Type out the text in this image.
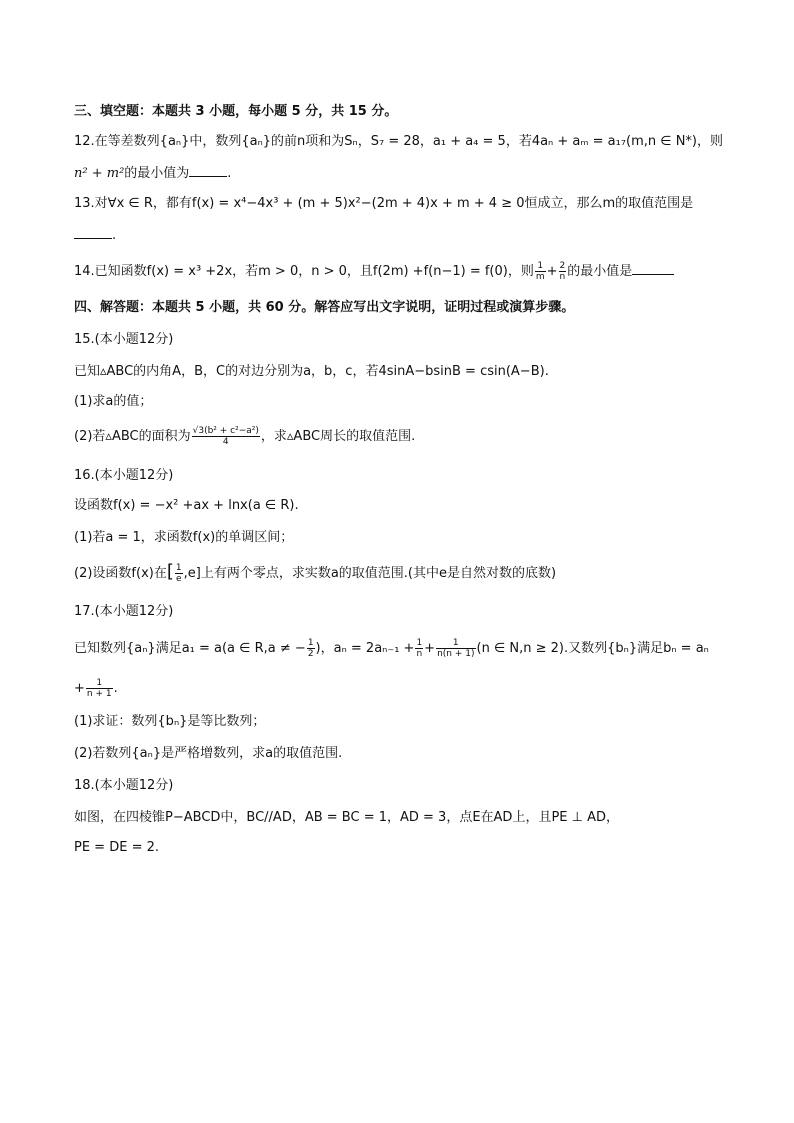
三、填空题：本题共 3 小题，每小题 5 分，共 15 分。
12.在等差数列{aₙ}中，数列{aₙ}的前n项和为Sₙ，S₇ = 28，a₁ + a₄ = 5，若4aₙ + aₘ = a₁₇(m,n ∈ N*)，则
n² + m²的最小值为	.
13.对∀x ∈ R，都有f(x) = x⁴−4x³ + (m + 5)x²−(2m + 4)x + m + 4 ≥ 0恒成立，那么m的取值范围是
.
14.已知函数f(x) = x³ +2x，若m > 0，n > 0，且f(2m) +f(n−1) = f(0)，则 $\frac{1}{m} + \frac{2}{n}$ 的最小值是
四、解答题：本题共 5 小题，共 60 分。解答应写出文字说明，证明过程或演算步骤。
15.(本小题12分)
已知▵ABC的内角A，B，C的对边分别为a，b，c，若4sinA−bsinB = csin(A−B).
(1)求a的值；
(2)若▵ABC的面积为 $\frac{\text{√3(b² + c²−a²)}}{4}$ ，求▵ABC周长的取值范围.
16.(本小题12分)
设函数f(x) = −x² +ax + lnx(a ∈ R).
(1)若a = 1，求函数f(x)的单调区间；
(2)设函数f(x)在[ $\frac{1}{e} ,e$]上有两个零点，求实数a的取值范围.(其中e是自然对数的底数)
17.(本小题12分)
已知数列{aₙ}满足a₁ = a(a ∈ R,a ≠ − $\frac{1}{2}$ )，$a_n = 2a_{n-1} + \frac{1}{n} + \frac{1}{n(n + 1)} (n$ ∈ N,n ≥ 2).又数列{bₙ}满足bₙ = aₙ
+ $\frac{1}{n + 1}$ .
(1)求证：数列{bₙ}是等比数列；
(2)若数列{aₙ}是严格增数列，求a的取值范围.
18.(本小题12分)
如图，在四棱锥P−ABCD中，BC//AD，AB = BC = 1，AD = 3，点E在AD上，且PE ⊥ AD，
PE = DE = 2.
